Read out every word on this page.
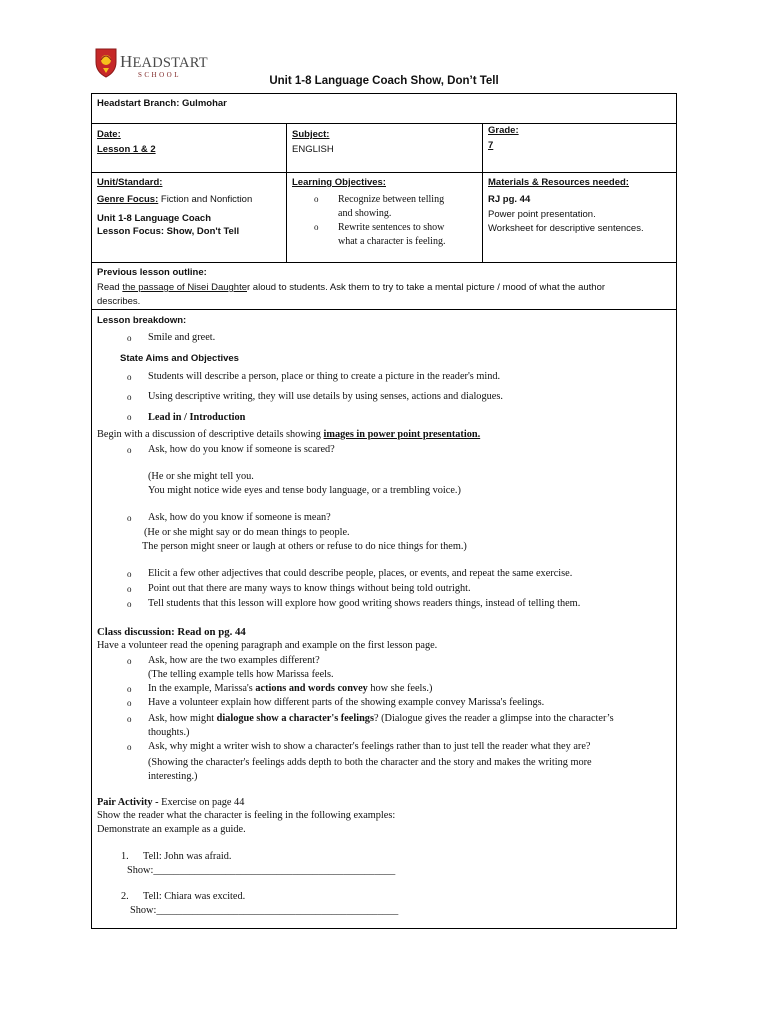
HEADSTART
SCHOOL	Unit 1-8 Language Coach Show, Don’t Tell
Headstart Branch: Gulmohar
Date:
Lesson 1 & 2
Subject:
ENGLISH
Grade:
7
Unit/Standard:
Genre Focus: Fiction and Nonfiction
Unit 1-8 Language Coach
Lesson Focus: Show, Don't Tell
Learning Objectives:
o Recognize between telling
and showing.
o Rewrite sentences to show
what a character is feeling.
Materials & Resources needed:
RJ pg. 44
Power point presentation.
Worksheet for descriptive sentences.
Previous lesson outline:
Read the passage of Nisei Daughter aloud to students. Ask them to try to take a mental picture / mood of what the author
describes.
Lesson breakdown:
o Smile and greet.
State Aims and Objectives
o Students will describe a person, place or thing to create a picture in the reader's mind.
o Using descriptive writing, they will use details by using senses, actions and dialogues.
o Lead in / Introduction
Begin with a discussion of descriptive details showing images in power point presentation.
o Ask, how do you know if someone is scared?
(He or she might tell you.
You might notice wide eyes and tense body language, or a trembling voice.)
o Ask, how do you know if someone is mean?
(He or she might say or do mean things to people.
The person might sneer or laugh at others or refuse to do nice things for them.)
o Elicit a few other adjectives that could describe people, places, or events, and repeat the same exercise.
o Point out that there are many ways to know things without being told outright.
o Tell students that this lesson will explore how good writing shows readers things, instead of telling them.
Class discussion: Read on pg. 44
Have a volunteer read the opening paragraph and example on the first lesson page.
o Ask, how are the two examples different?
(The telling example tells how Marissa feels.
o In the example, Marissa's actions and words convey how she feels.)
o Have a volunteer explain how different parts of the showing example convey Marissa's feelings.
o Ask, how might dialogue show a character's feelings? (Dialogue gives the reader a glimpse into the character’s
thoughts.)
o Ask, why might a writer wish to show a character's feelings rather than to just tell the reader what they are?
(Showing the character's feelings adds depth to both the character and the story and makes the writing more
interesting.)
Pair Activity - Exercise on page 44
Show the reader what the character is feeling in the following examples:
Demonstrate an example as a guide.
1. Tell: John was afraid.
Show:_______________________________________________
2. Tell: Chiara was excited.
Show:_______________________________________________
